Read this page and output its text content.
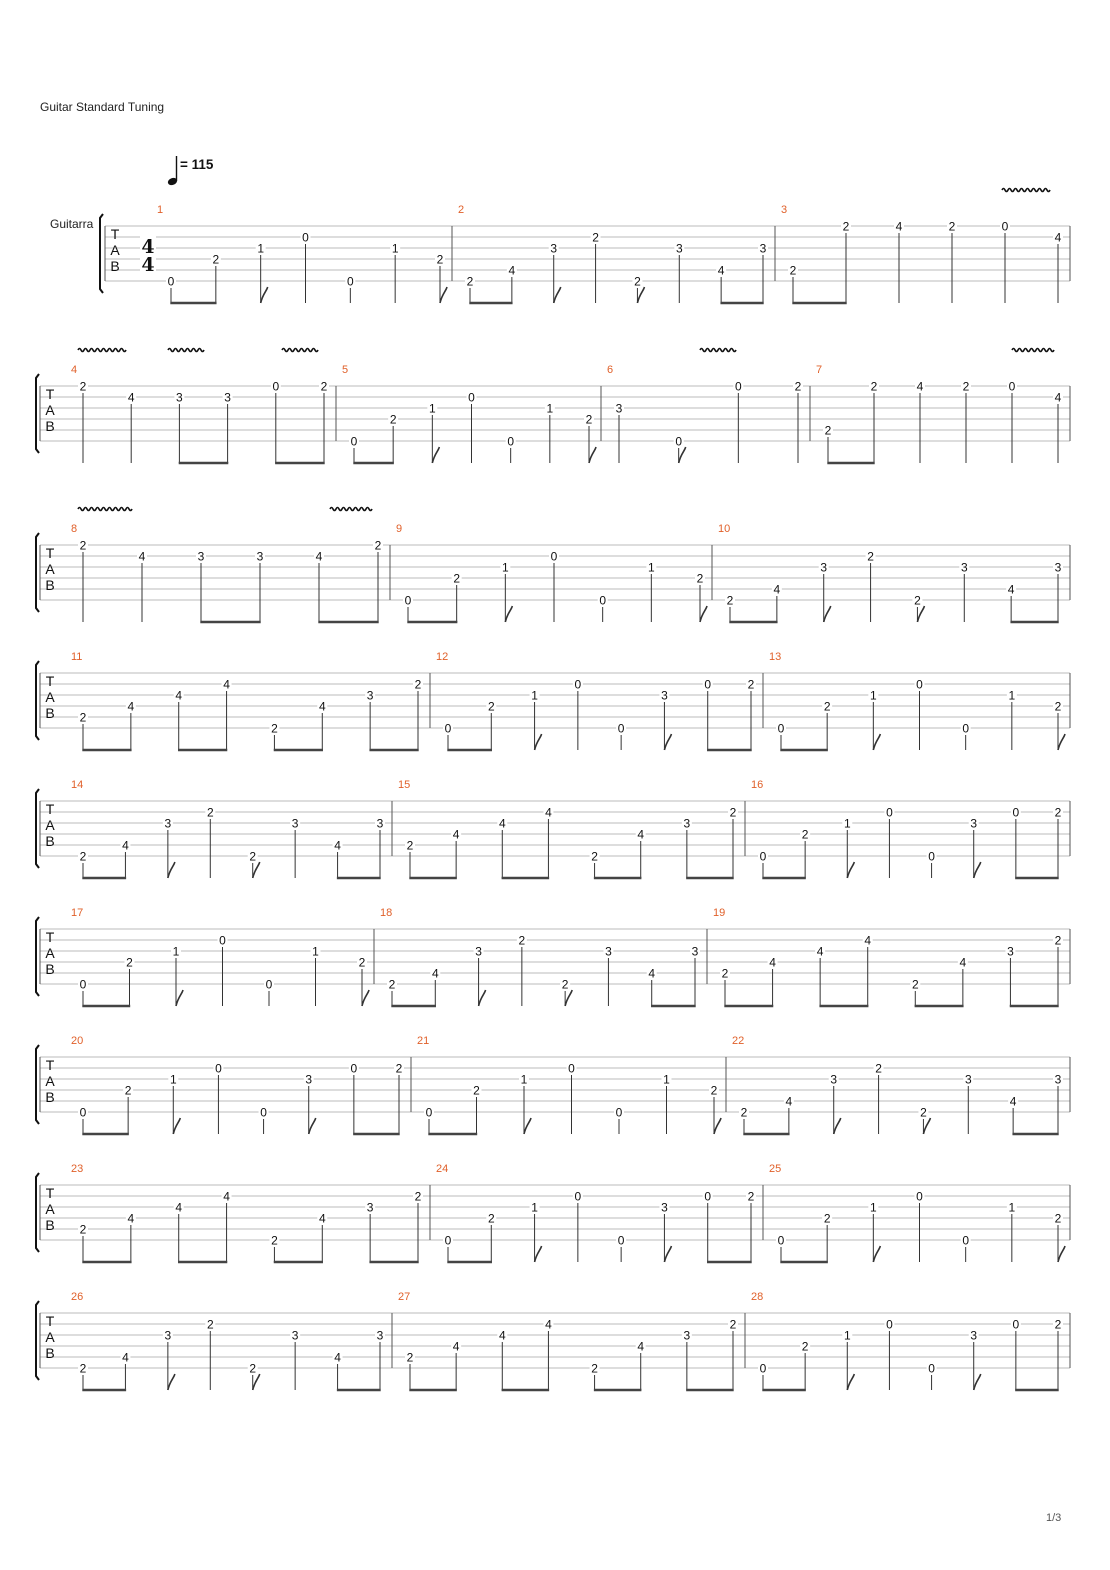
Guitar Standard Tuning
= 115
Guitarra
T
A
B
4
4
1
0
2
1
0
0
1
2
2
2
4
3
2
2
3
4
3
3
2
2	4	2	0
4
T
A
B
4
2
4	3	3
0	2
5
0
2
1
0
0
1
2
6
3
0
0	2
7
2
2	4	2	0
4
T
A
B
8
2
4	3	3	4
2
9
0
2
1
0
0
1
2
10
2
4
3
2
2
3
4
3
T
A
B
11
2
4
4
4
2
4
3
2
12
0
2
1
0
0
3
0	2
13
0
2
1
0
0
1
2
T
A
B
14
2
4
3
2
2
3
4
3
15
2
4
4
4
2
4
3
2
16
0
2
1
0
0
3
0	2
T
A
B
17
0
2
1
0
0
1
2
18
2
4
3
2
2
3
4
3
19
2
4
4
4
2
4
3
2
T
A
B
20
0
2
1
0
0
3
0	2
21
0
2
1
0
0
1
2
22
2
4
3
2
2
3
4
3
T
A
B
23
2
4
4
4
2
4
3
2
24
0
2
1
0
0
3
0	2
25
0
2
1
0
0
1
2
T
A
B
26
2
4
3
2
2
3
4
3
27
2
4
4
4
2
4
3
2
28
0
2
1
0
0
3
0	2
1/3
